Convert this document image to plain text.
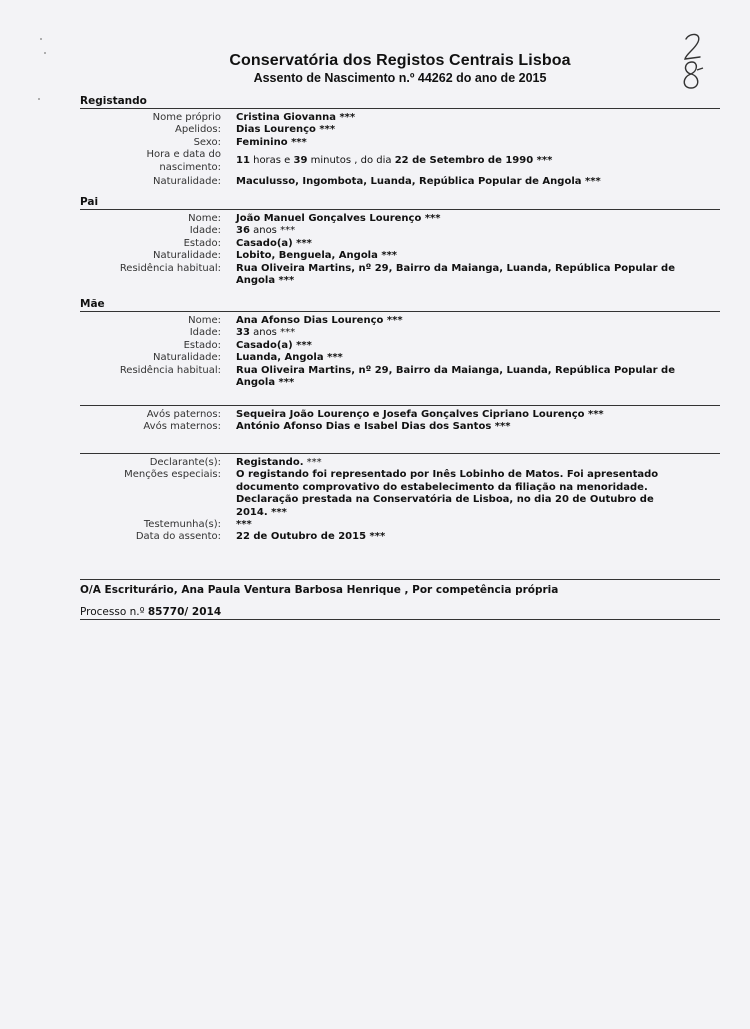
Conservatória dos Registos Centrais Lisboa
Assento de Nascimento n.º 44262 do ano de 2015
Registando
Nome próprio Cristina Giovanna ***
Apelidos: Dias Lourenço ***
Sexo: Feminino ***
Hora e data do
nascimento:
11 horas e 39 minutos , do dia 22 de Setembro de 1990 ***
Naturalidade: Maculusso, Ingombota, Luanda, República Popular de Angola ***
Pai
Nome: João Manuel Gonçalves Lourenço ***
Idade: 36 anos ***
Estado: Casado(a) ***
Naturalidade: Lobito, Benguela, Angola ***
Residência habitual: Rua Oliveira Martins, nº 29, Bairro da Maianga, Luanda, República Popular de
Angola ***
Mãe
Nome: Ana Afonso Dias Lourenço ***
Idade: 33 anos ***
Estado: Casado(a) ***
Naturalidade: Luanda, Angola ***
Residência habitual: Rua Oliveira Martins, nº 29, Bairro da Maianga, Luanda, República Popular de
Angola ***
Avós paternos: Sequeira João Lourenço e Josefa Gonçalves Cipriano Lourenço ***
Avós maternos: António Afonso Dias e Isabel Dias dos Santos ***
Declarante(s): Registando. ***
Menções especiais: O registando foi representado por Inês Lobinho de Matos. Foi apresentado
documento comprovativo do estabelecimento da filiação na menoridade.
Declaração prestada na Conservatória de Lisboa, no dia 20 de Outubro de
2014. ***
Testemunha(s): ***
Data do assento: 22 de Outubro de 2015 ***
O/A Escriturário, Ana Paula Ventura Barbosa Henrique , Por competência própria
Processo n.º 85770/ 2014
